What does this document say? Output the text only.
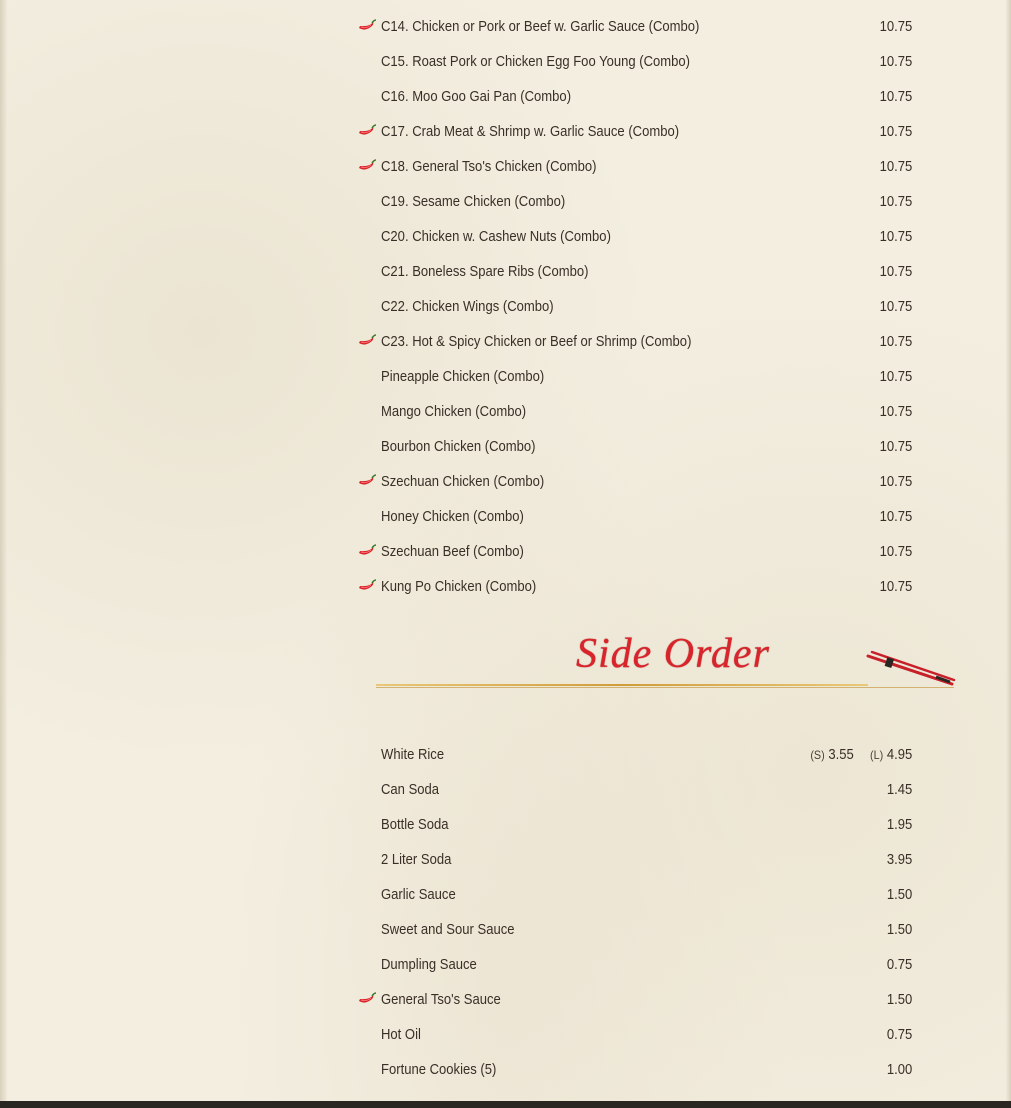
C14. Chicken or Pork or Beef w. Garlic Sauce (Combo)	10.75
C15. Roast Pork or Chicken Egg Foo Young (Combo)	10.75
C16. Moo Goo Gai Pan (Combo)	10.75
C17. Crab Meat & Shrimp w. Garlic Sauce (Combo)	10.75
C18. General Tso's Chicken (Combo)	10.75
C19. Sesame Chicken (Combo)	10.75
C20. Chicken w. Cashew Nuts (Combo)	10.75
C21. Boneless Spare Ribs (Combo)	10.75
C22. Chicken Wings (Combo)	10.75
C23. Hot & Spicy Chicken or Beef or Shrimp (Combo)	10.75
Pineapple Chicken (Combo)	10.75
Mango Chicken (Combo)	10.75
Bourbon Chicken (Combo)	10.75
Szechuan Chicken (Combo)	10.75
Honey Chicken (Combo)	10.75
Szechuan Beef (Combo)	10.75
Kung Po Chicken (Combo)	10.75
Side Order
White Rice	(S) 3.55 (L) 4.95
Can Soda	1.45
Bottle Soda	1.95
2 Liter Soda	3.95
Garlic Sauce	1.50
Sweet and Sour Sauce	1.50
Dumpling Sauce	0.75
General Tso's Sauce	1.50
Hot Oil	0.75
Fortune Cookies (5)	1.00
